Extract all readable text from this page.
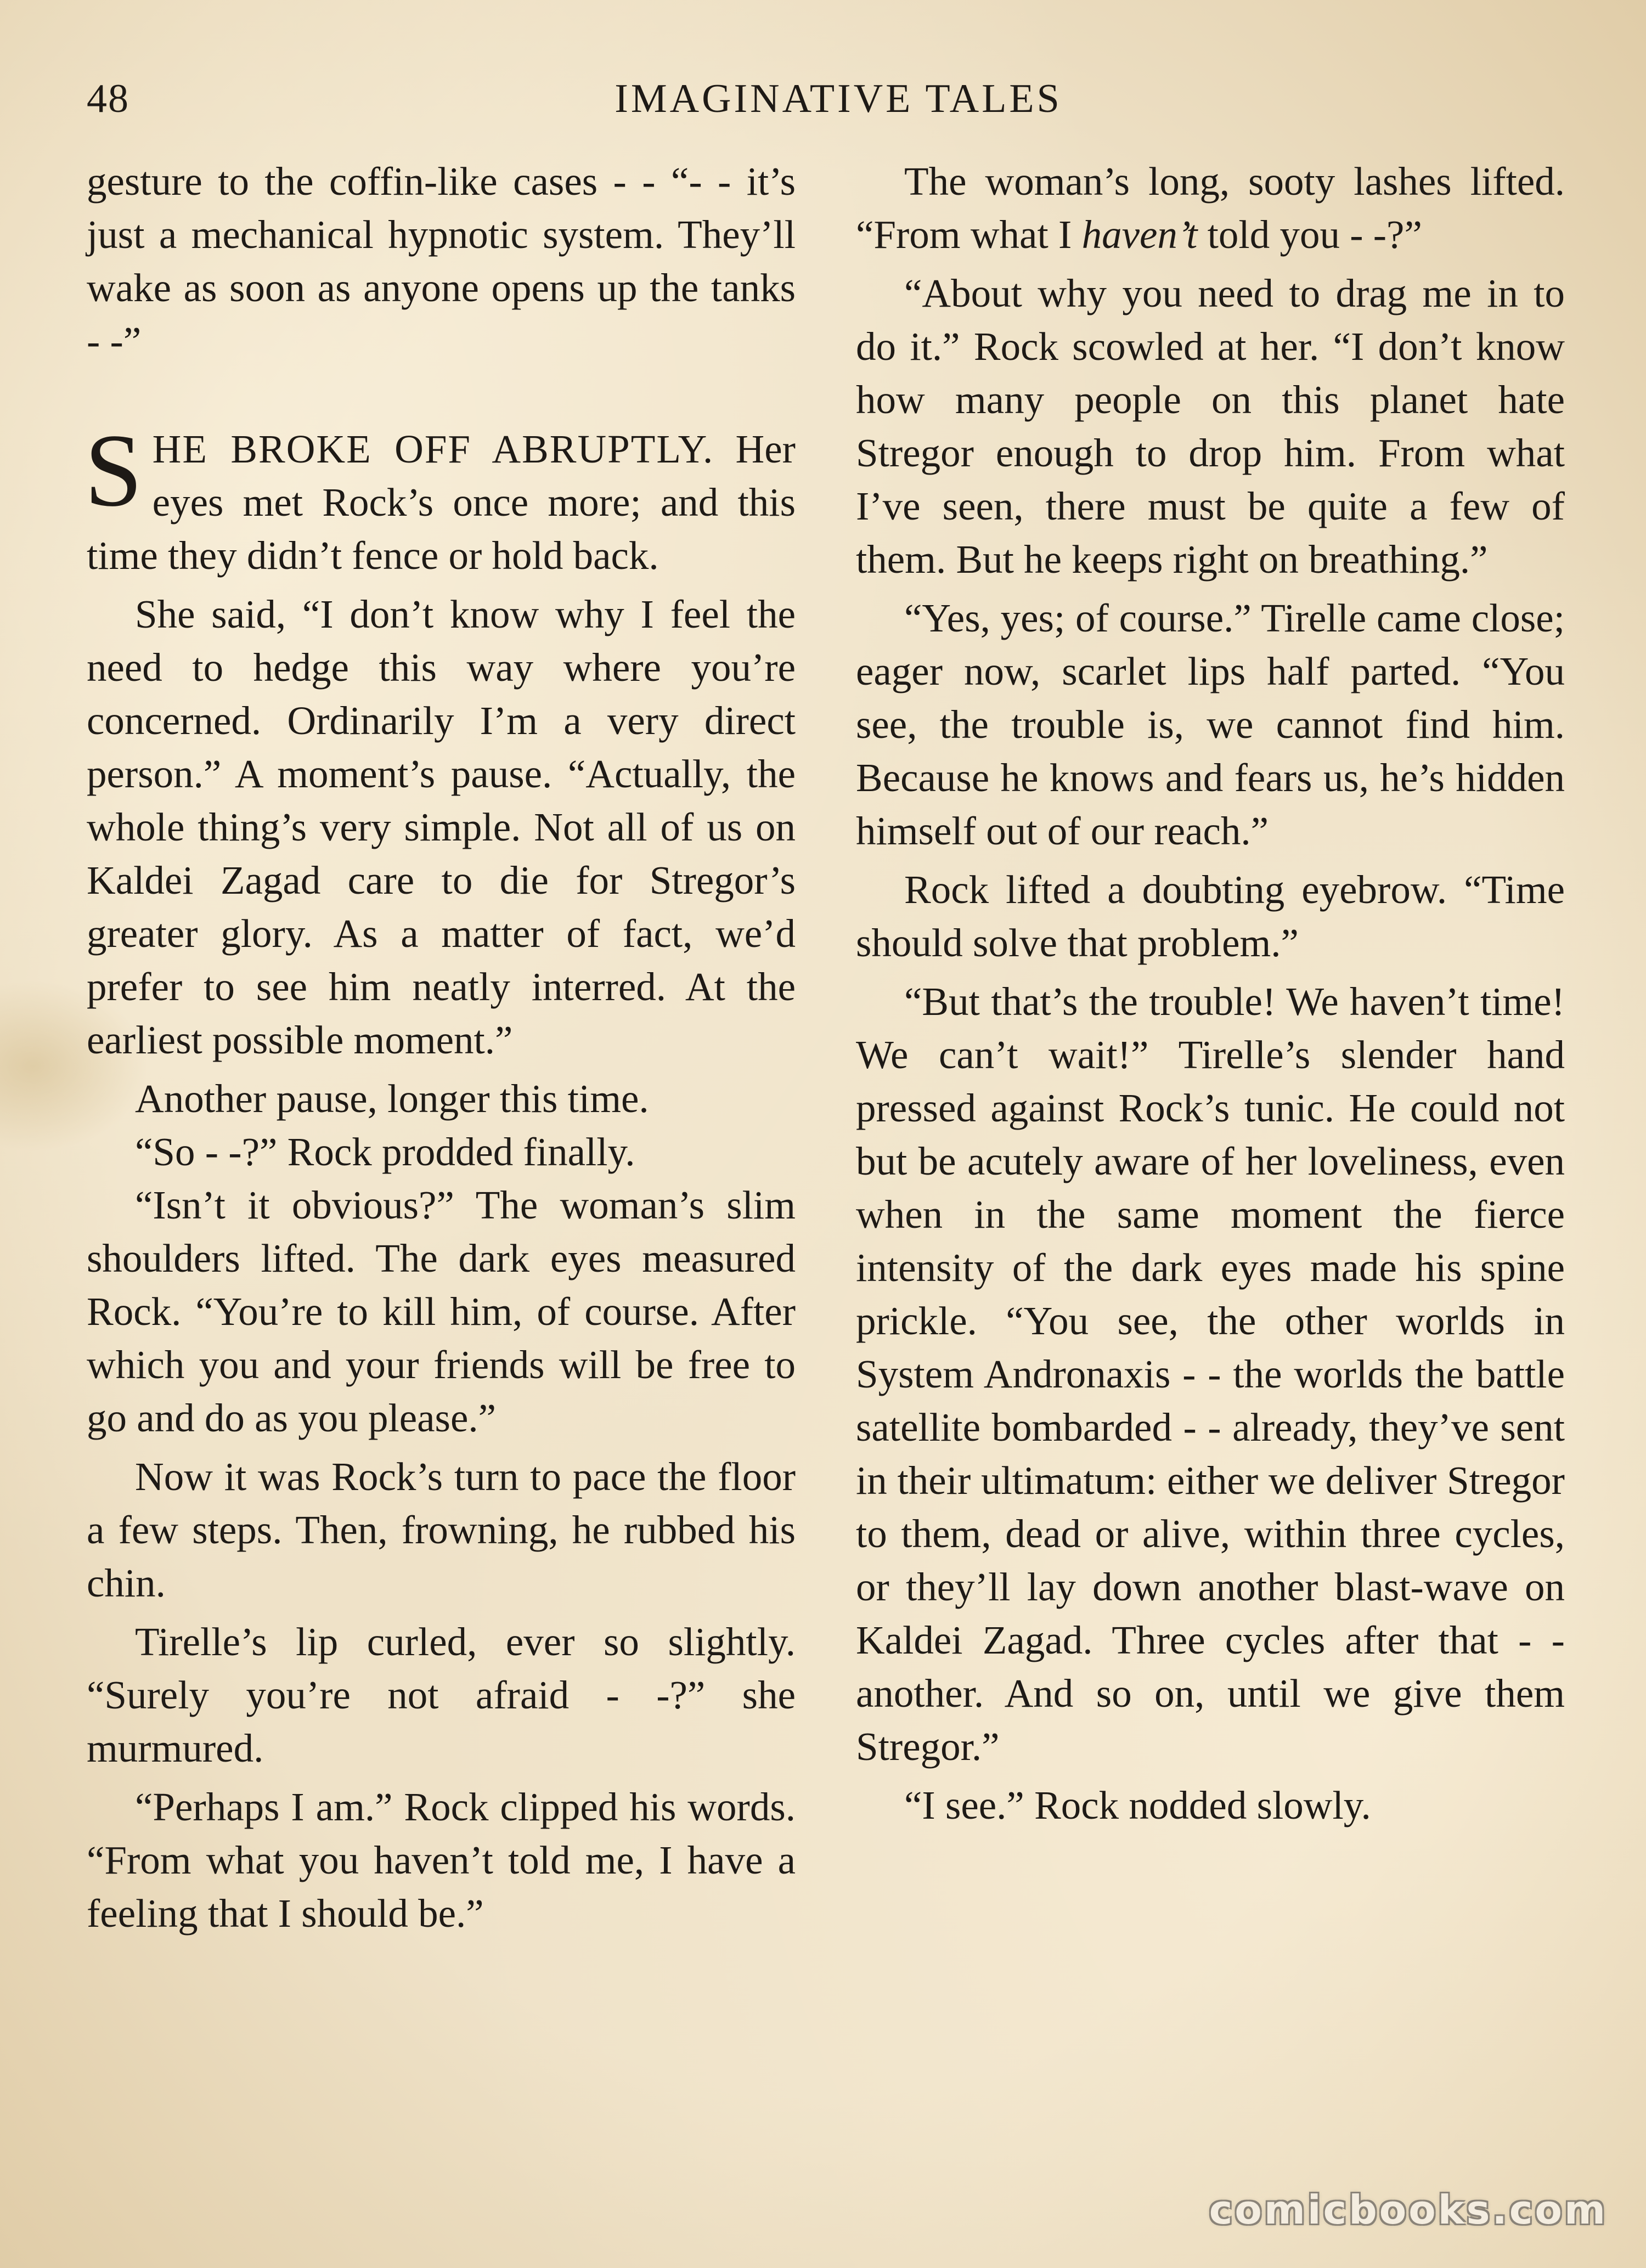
48	IMAGINATIVE TALES

gesture to the coffin-like cases - - “- - it’s just a mechanical hypnotic system. They’ll wake as soon as anyone opens up the tanks - -”

SHE BROKE OFF ABRUPTLY. Her eyes met Rock’s once more; and this time they didn’t fence or hold back.

She said, “I don’t know why I feel the need to hedge this way where you’re concerned. Ordinarily I’m a very direct person.” A moment’s pause. “Actually, the whole thing’s very simple. Not all of us on Kaldei Zagad care to die for Stregor’s greater glory. As a matter of fact, we’d prefer to see him neatly interred. At the earliest possible moment.”

Another pause, longer this time.

“So - -?” Rock prodded finally.

“Isn’t it obvious?” The woman’s slim shoulders lifted. The dark eyes measured Rock. “You’re to kill him, of course. After which you and your friends will be free to go and do as you please.”

Now it was Rock’s turn to pace the floor a few steps. Then, frowning, he rubbed his chin.

Tirelle’s lip curled, ever so slightly. “Surely you’re not afraid - -?” she murmured.

“Perhaps I am.” Rock clipped his words. “From what you haven’t told me, I have a feeling that I should be.”

The woman’s long, sooty lashes lifted. “From what I haven’t told you - -?”

“About why you need to drag me in to do it.” Rock scowled at her. “I don’t know how many people on this planet hate Stregor enough to drop him. From what I’ve seen, there must be quite a few of them. But he keeps right on breathing.”

“Yes, yes; of course.” Tirelle came close; eager now, scarlet lips half parted. “You see, the trouble is, we cannot find him. Because he knows and fears us, he’s hidden himself out of our reach.”

Rock lifted a doubting eyebrow. “Time should solve that problem.”

“But that’s the trouble! We haven’t time! We can’t wait!” Tirelle’s slender hand pressed against Rock’s tunic. He could not but be acutely aware of her loveliness, even when in the same moment the fierce intensity of the dark eyes made his spine prickle. “You see, the other worlds in System Andronaxis - - the worlds the battle satellite bombarded - - already, they’ve sent in their ultimatum: either we deliver Stregor to them, dead or alive, within three cycles, or they’ll lay down another blast-wave on Kaldei Zagad. Three cycles after that - - another. And so on, until we give them Stregor.”

“I see.” Rock nodded slowly.

comicbooks.com
